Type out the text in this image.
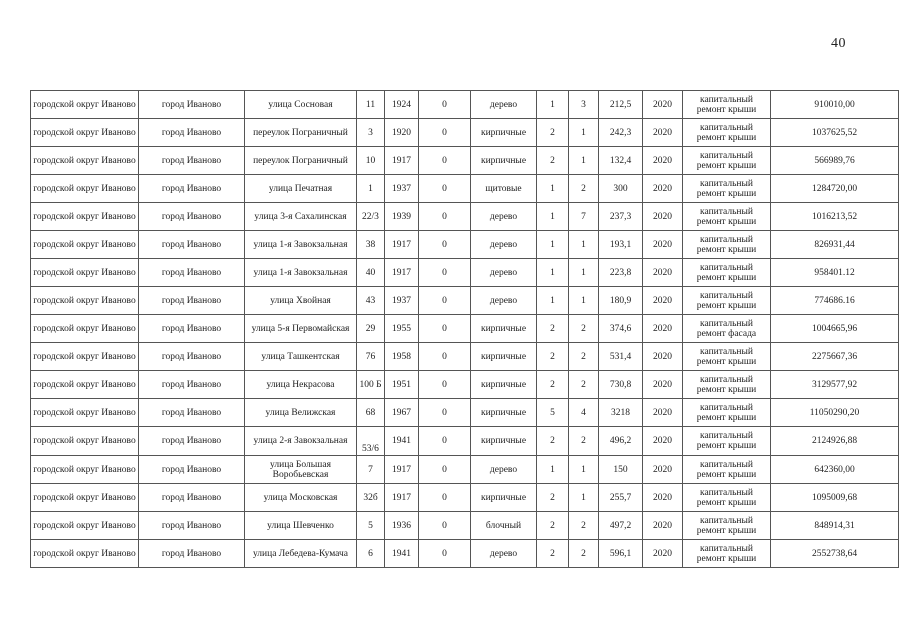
40
городской округ Иваново	город Иваново	улица Сосновая	11	1924	0	дерево	1	3	212,5	2020	капитальный ремонт крыши	910010,00
городской округ Иваново	город Иваново	переулок Пограничный	3	1920	0	кирпичные	2	1	242,3	2020	капитальный ремонт крыши	1037625,52
городской округ Иваново	город Иваново	переулок Пограничный	10	1917	0	кирпичные	2	1	132,4	2020	капитальный ремонт крыши	566989,76
городской округ Иваново	город Иваново	улица Печатная	1	1937	0	щитовые	1	2	300	2020	капитальный ремонт крыши	1284720,00
городской округ Иваново	город Иваново	улица 3-я Сахалинская	22/3	1939	0	дерево	1	7	237,3	2020	капитальный ремонт крыши	1016213,52
городской округ Иваново	город Иваново	улица 1-я Завокзальная	38	1917	0	дерево	1	1	193,1	2020	капитальный ремонт крыши	826931,44
городской округ Иваново	город Иваново	улица 1-я Завокзальная	40	1917	0	дерево	1	1	223,8	2020	капитальный ремонт крыши	958401.12
городской округ Иваново	город Иваново	улица Хвойная	43	1937	0	дерево	1	1	180,9	2020	капитальный ремонт крыши	774686.16
городской округ Иваново	город Иваново	улица 5-я Первомайская	29	1955	0	кирпичные	2	2	374,6	2020	капитальный ремонт фасада	1004665,96
городской округ Иваново	город Иваново	улица Ташкентская	76	1958	0	кирпичные	2	2	531,4	2020	капитальный ремонт крыши	2275667,36
городской округ Иваново	город Иваново	улица Некрасова	100 Б	1951	0	кирпичные	2	2	730,8	2020	капитальный ремонт крыши	3129577,92
городской округ Иваново	город Иваново	улица Велижская	68	1967	0	кирпичные	5	4	3218	2020	капитальный ремонт крыши	11050290,20
городской округ Иваново	город Иваново	улица 2-я Завокзальная	53/6	1941	0	кирпичные	2	2	496,2	2020	капитальный ремонт крыши	2124926,88
городской округ Иваново	город Иваново	улица Большая Воробьевская	7	1917	0	дерево	1	1	150	2020	капитальный ремонт крыши	642360,00
городской округ Иваново	город Иваново	улица Московская	32б	1917	0	кирпичные	2	1	255,7	2020	капитальный ремонт крыши	1095009,68
городской округ Иваново	город Иваново	улица Шевченко	5	1936	0	блочный	2	2	497,2	2020	капитальный ремонт крыши	848914,31
городской округ Иваново	город Иваново	улица Лебедева-Кумача	6	1941	0	дерево	2	2	596,1	2020	капитальный ремонт крыши	2552738,64
